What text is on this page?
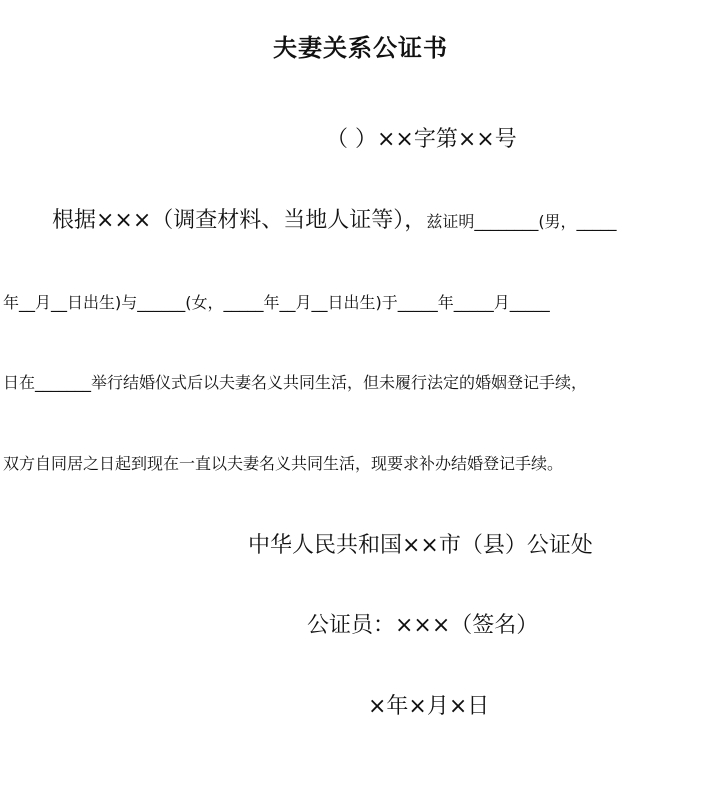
夫妻关系公证书
（ ）××字第××号
根据×××（调查材料、当地人证等），兹证明________(男，_____
年__月__日出生)与______(女，_____年__月__日出生)于_____年_____月_____
日在_______举行结婚仪式后以夫妻名义共同生活，但未履行法定的婚姻登记手续，
双方自同居之日起到现在一直以夫妻名义共同生活，现要求补办结婚登记手续。
中华人民共和国××市（县）公证处
公证员：×××（签名）
×年×月×日
